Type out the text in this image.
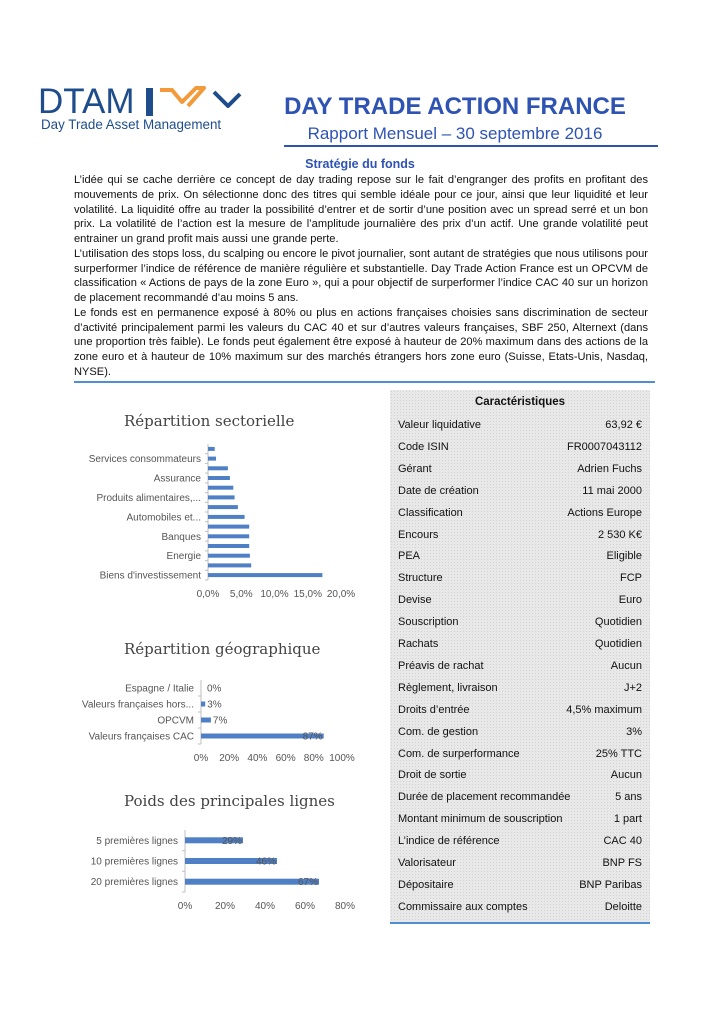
DTAM
Day Trade Asset Management
DAY TRADE ACTION FRANCE
Rapport Mensuel – 30 septembre 2016
Stratégie du fonds

L’idée qui se cache derrière ce concept de day trading repose sur le fait d’engranger des profits en profitant des mouvements de prix. On sélectionne donc des titres qui semble idéale pour ce jour, ainsi que leur liquidité et leur volatilité. La liquidité offre au trader la possibilité d’entrer et de sortir d’une position avec un spread serré et un bon prix. La volatilité de l’action est la mesure de l’amplitude journalière des prix d’un actif. Une grande volatilité peut entrainer un grand profit mais aussi une grande perte.

L’utilisation des stops loss, du scalping ou encore le pivot journalier, sont autant de stratégies que nous utilisons pour surperformer l’indice de référence de manière régulière et substantielle. Day Trade Action France est un OPCVM de classification « Actions de pays de la zone Euro », qui a pour objectif de surperformer l’indice CAC 40 sur un horizon de placement recommandé d’au moins 5 ans.

Le fonds est en permanence exposé à 80% ou plus en actions françaises choisies sans discrimination de secteur d’activité principalement parmi les valeurs du CAC 40 et sur d’autres valeurs françaises, SBF 250, Alternext (dans une proportion très faible). Le fonds peut également être exposé à hauteur de 20% maximum dans des actions de la zone euro et à hauteur de 10% maximum sur des marchés étrangers hors zone euro (Suisse, Etats-Unis, Nasdaq, NYSE).

Répartition sectorielle
Biens d'investissement
Energie
Banques
Automobiles et...
Produits alimentaires,...
Assurance
Services consommateurs
0,0% 5,0% 10,0% 15,0% 20,0%
Répartition géographique
Valeurs françaises CAC	87%
OPCVM 7%
Valeurs françaises hors... 3%
Espagne / Italie 0%
0% 20% 40% 60% 80% 100%
Poids des principales lignes
20 premières lignes	67%
10 premières lignes	46%
5 premières lignes	29%
0% 20% 40% 60% 80%
Caractéristiques
Valeur liquidative	63,92 €
Code ISIN	FR0007043112
Gérant	Adrien Fuchs
Date de création	11 mai 2000
Classification	Actions Europe
Encours	2 530 K€
PEA	Eligible
Structure	FCP
Devise	Euro
Souscription	Quotidien
Rachats	Quotidien
Préavis de rachat	Aucun
Règlement, livraison	J+2
Droits d’entrée	4,5% maximum
Com. de gestion	3%
Com. de surperformance	25% TTC
Droit de sortie	Aucun
Durée de placement recommandée	5 ans
Montant minimum de souscription	1 part
L’indice de référence	CAC 40
Valorisateur	BNP FS
Dépositaire	BNP Paribas
Commissaire aux comptes	Deloitte
